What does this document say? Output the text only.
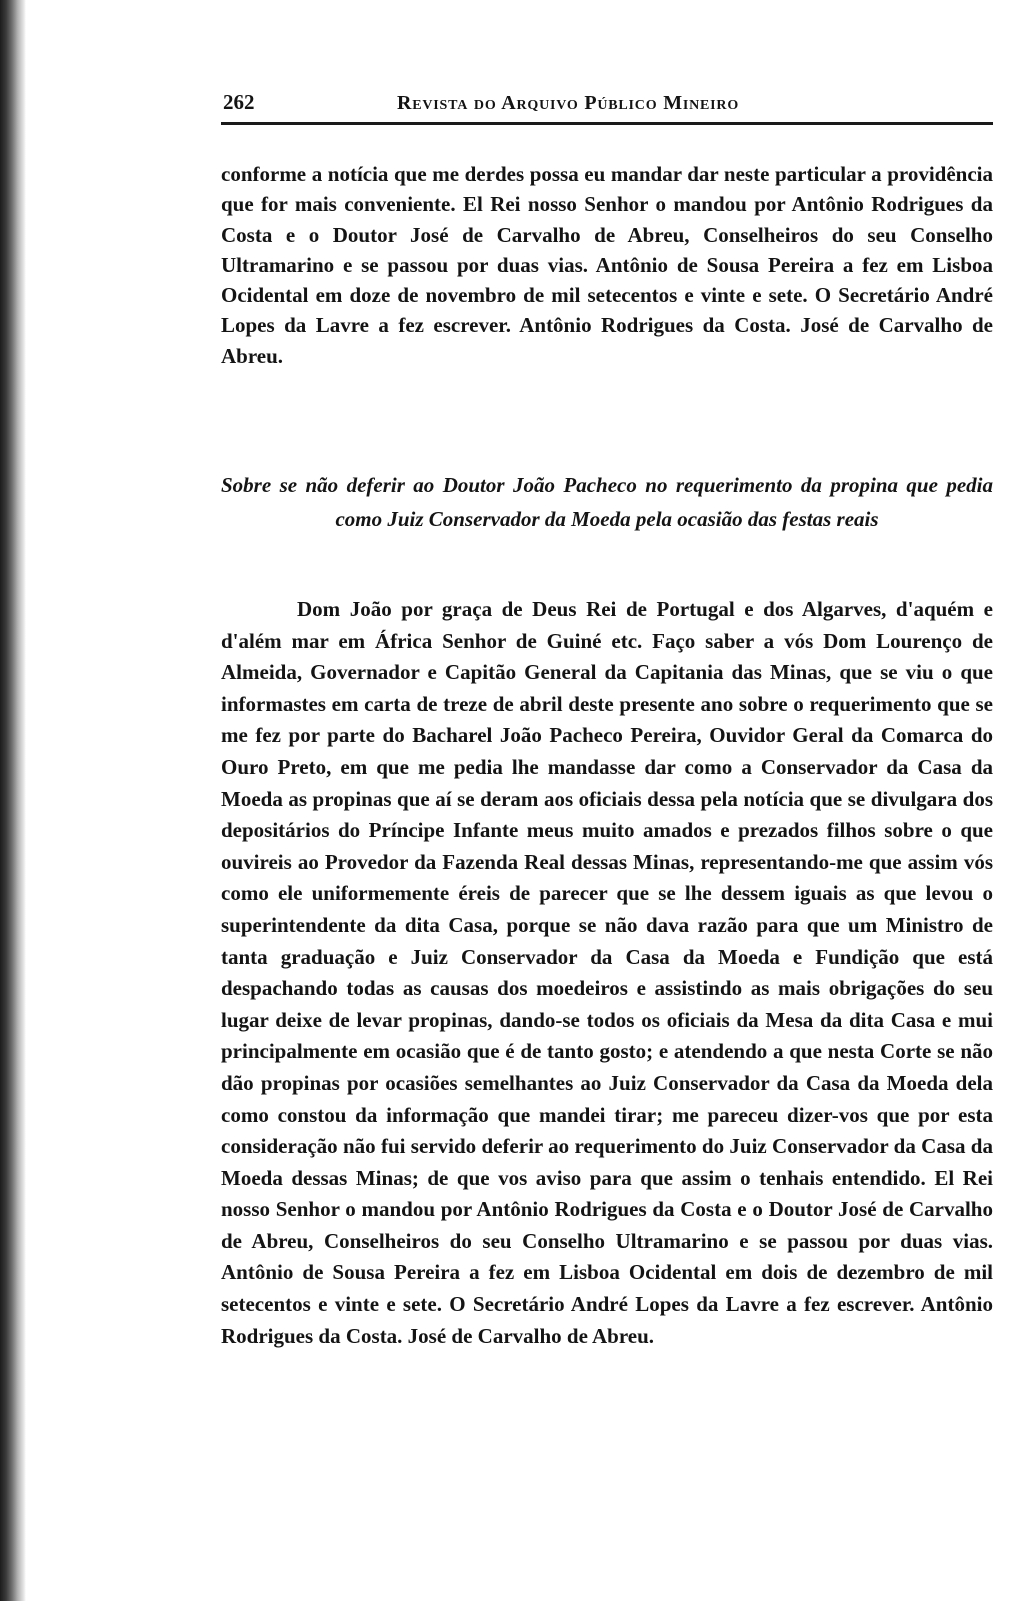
262	Revista do Arquivo Público Mineiro

conforme a notícia que me derdes possa eu mandar dar neste particular a providência que for mais conveniente. El Rei nosso Senhor o mandou por Antônio Rodrigues da Costa e o Doutor José de Carvalho de Abreu, Conselheiros do seu Conselho Ultramarino e se passou por duas vias. Antônio de Sousa Pereira a fez em Lisboa Ocidental em doze de novembro de mil setecentos e vinte e sete. O Secretário André Lopes da Lavre a fez escrever. Antônio Rodrigues da Costa. José de Carvalho de Abreu.

Sobre se não deferir ao Doutor João Pacheco no requerimento da propina que pedia como Juiz Conservador da Moeda pela ocasião das festas reais

Dom João por graça de Deus Rei de Portugal e dos Algarves, d'aquém e d'além mar em África Senhor de Guiné etc. Faço saber a vós Dom Lourenço de Almeida, Governador e Capitão General da Capitania das Minas, que se viu o que informastes em carta de treze de abril deste presente ano sobre o requerimento que se me fez por parte do Bacharel João Pacheco Pereira, Ouvidor Geral da Comarca do Ouro Preto, em que me pedia lhe mandasse dar como a Conservador da Casa da Moeda as propinas que aí se deram aos oficiais dessa pela notícia que se divulgara dos depositários do Príncipe Infante meus muito amados e prezados filhos sobre o que ouvireis ao Provedor da Fazenda Real dessas Minas, representando-me que assim vós como ele uniformemente éreis de parecer que se lhe dessem iguais as que levou o superintendente da dita Casa, porque se não dava razão para que um Ministro de tanta graduação e Juiz Conservador da Casa da Moeda e Fundição que está despachando todas as causas dos moedeiros e assistindo as mais obrigações do seu lugar deixe de levar propinas, dando-se todos os oficiais da Mesa da dita Casa e mui principalmente em ocasião que é de tanto gosto; e atendendo a que nesta Corte se não dão propinas por ocasiões semelhantes ao Juiz Conservador da Casa da Moeda dela como constou da informação que mandei tirar; me pareceu dizer-vos que por esta consideração não fui servido deferir ao requerimento do Juiz Conservador da Casa da Moeda dessas Minas; de que vos aviso para que assim o tenhais entendido. El Rei nosso Senhor o mandou por Antônio Rodrigues da Costa e o Doutor José de Carvalho de Abreu, Conselheiros do seu Conselho Ultramarino e se passou por duas vias. Antônio de Sousa Pereira a fez em Lisboa Ocidental em dois de dezembro de mil setecentos e vinte e sete. O Secretário André Lopes da Lavre a fez escrever. Antônio Rodrigues da Costa. José de Carvalho de Abreu.
